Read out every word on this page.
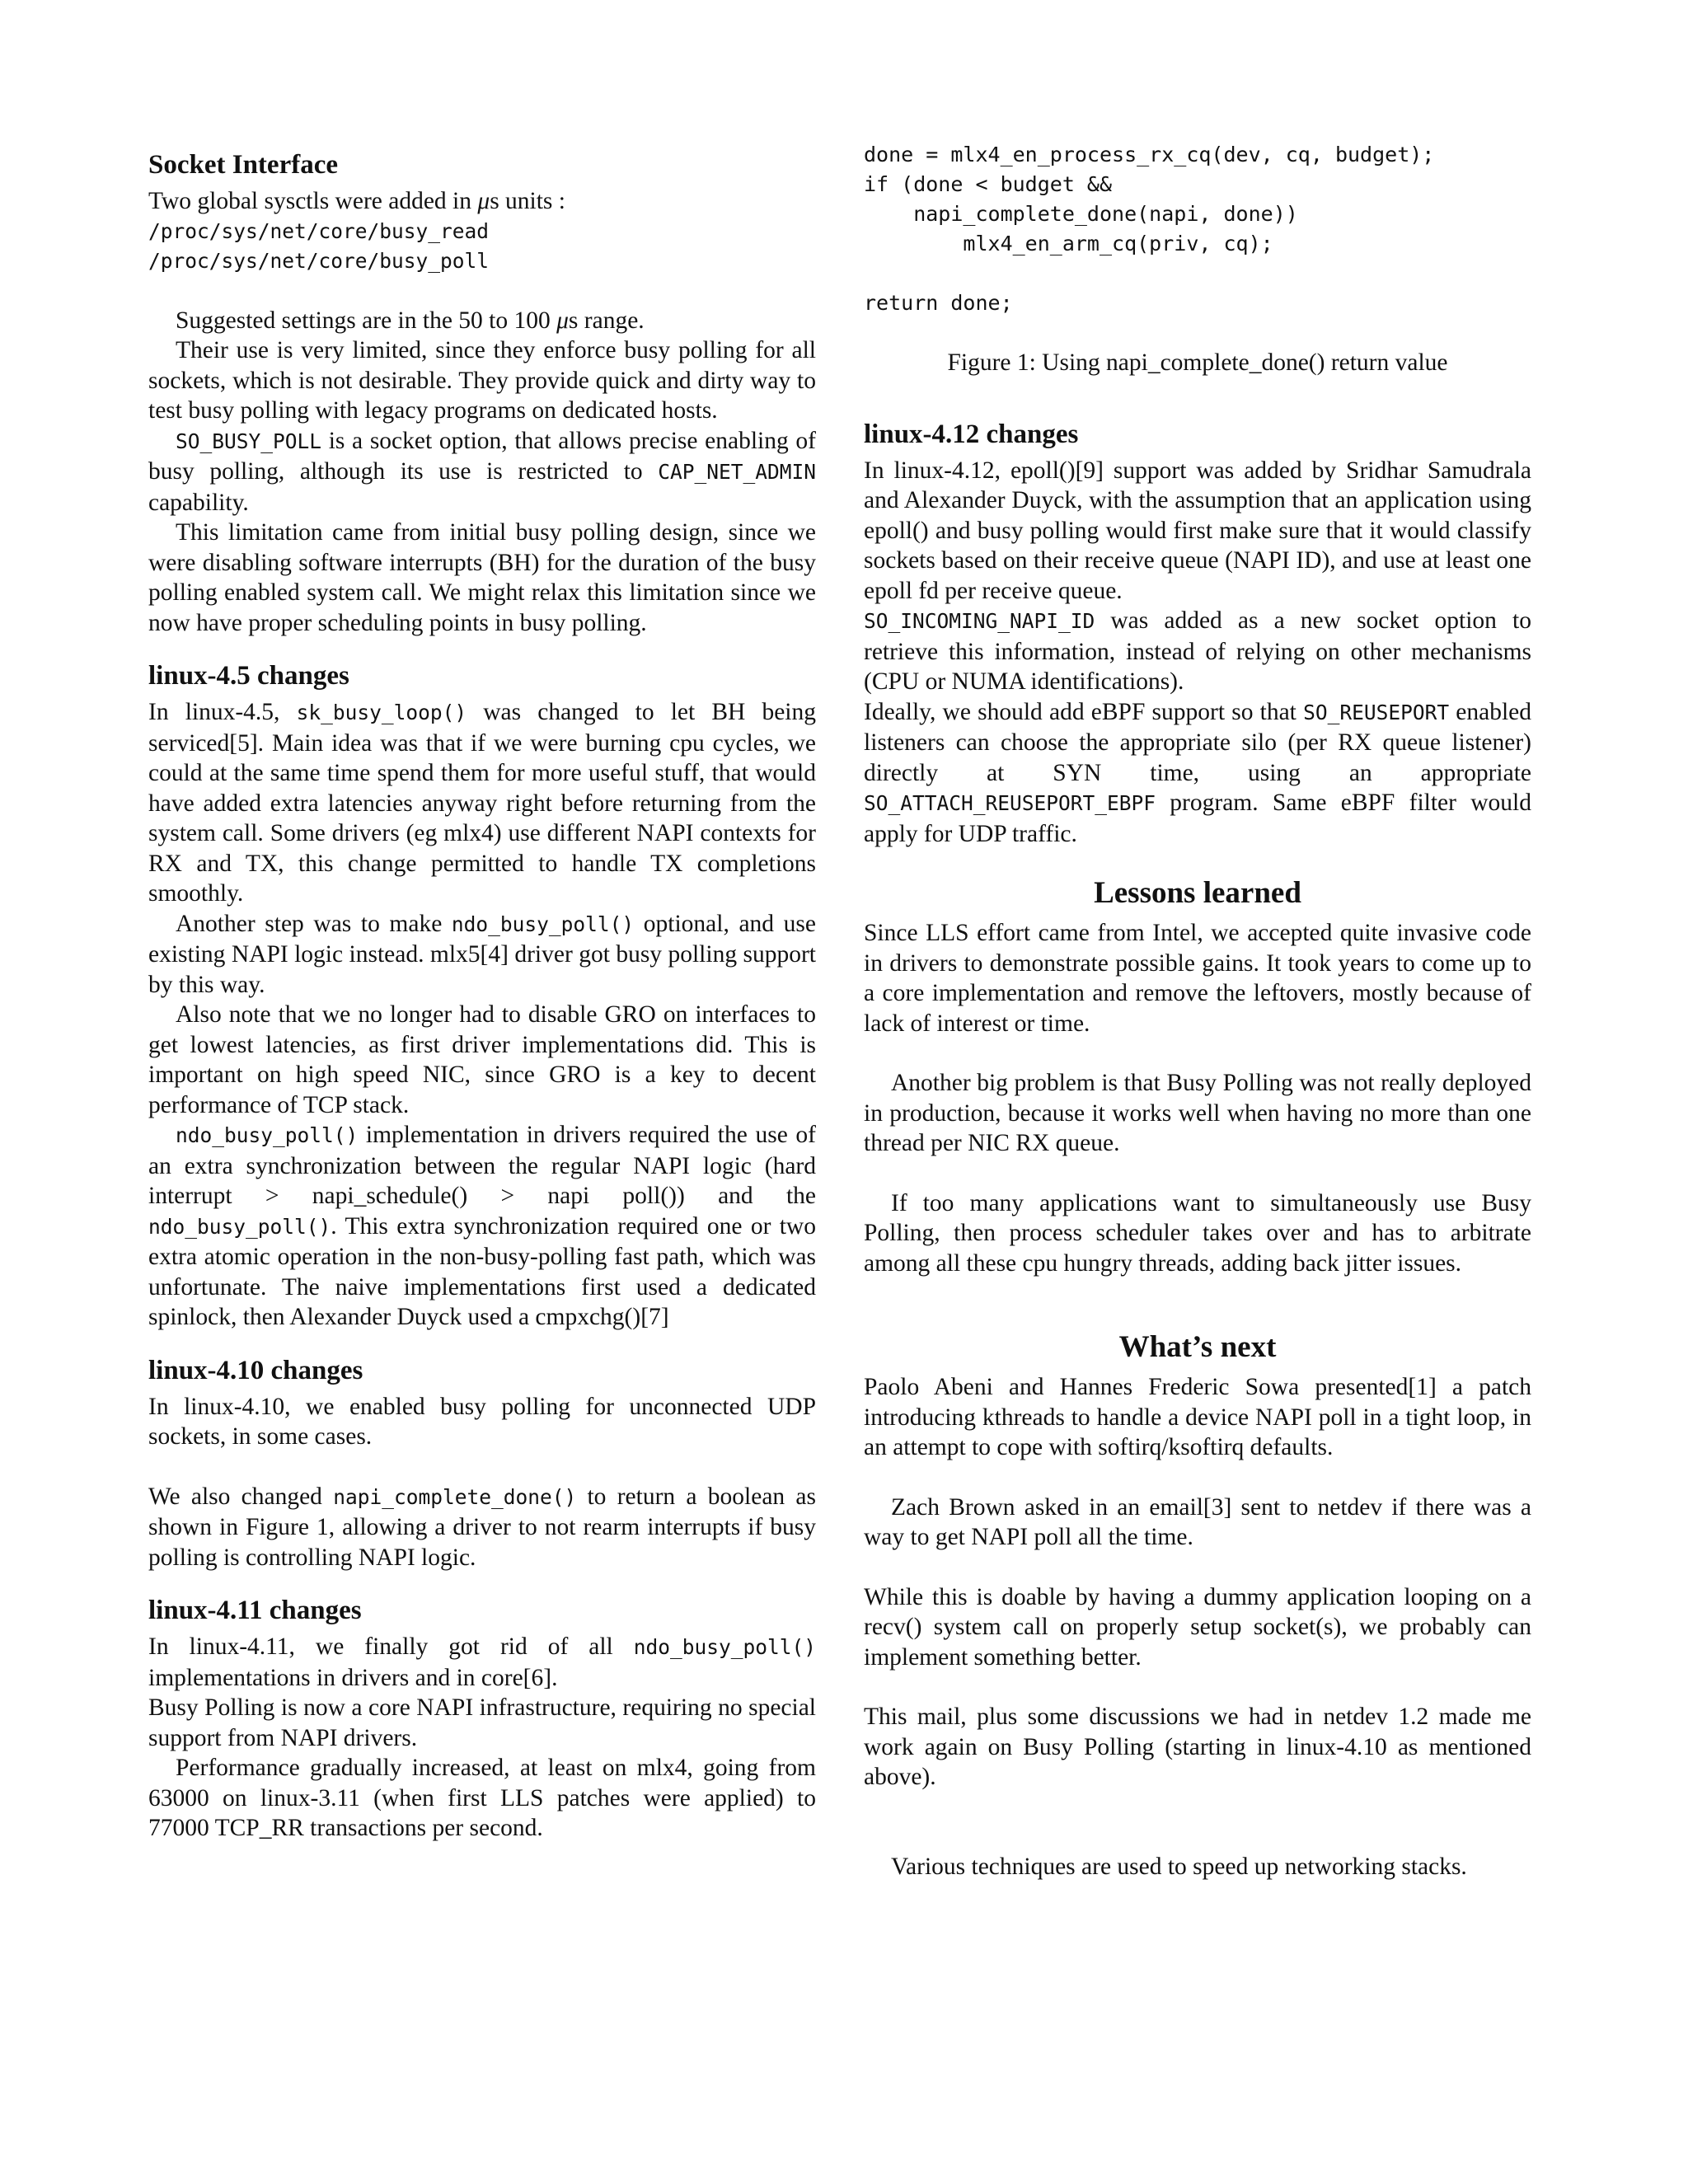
Socket Interface

Two global sysctls were added in μs units :

/proc/sys/net/core/busy_read
/proc/sys/net/core/busy_poll

Suggested settings are in the 50 to 100 μs range.

Their use is very limited, since they enforce busy polling for all sockets, which is not desirable. They provide quick and dirty way to test busy polling with legacy programs on dedicated hosts.

SO_BUSY_POLL is a socket option, that allows precise enabling of busy polling, although its use is restricted to CAP_NET_ADMIN capability.

This limitation came from initial busy polling design, since we were disabling software interrupts (BH) for the duration of the busy polling enabled system call. We might relax this limitation since we now have proper scheduling points in busy polling.

linux-4.5 changes

In linux-4.5, sk_busy_loop() was changed to let BH being serviced[5]. Main idea was that if we were burning cpu cycles, we could at the same time spend them for more useful stuff, that would have added extra latencies anyway right before returning from the system call. Some drivers (eg mlx4) use different NAPI contexts for RX and TX, this change permitted to handle TX completions smoothly.

Another step was to make ndo_busy_poll() optional, and use existing NAPI logic instead. mlx5[4] driver got busy polling support by this way.

Also note that we no longer had to disable GRO on interfaces to get lowest latencies, as first driver implementations did. This is important on high speed NIC, since GRO is a key to decent performance of TCP stack.

ndo_busy_poll() implementation in drivers required the use of an extra synchronization between the regular NAPI logic (hard interrupt > napi_schedule() > napi poll()) and the ndo_busy_poll(). This extra synchronization required one or two extra atomic operation in the non-busy-polling fast path, which was unfortunate. The naive implementations first used a dedicated spinlock, then Alexander Duyck used a cmpxchg()[7]

linux-4.10 changes

In linux-4.10, we enabled busy polling for unconnected UDP sockets, in some cases.

We also changed napi_complete_done() to return a boolean as shown in Figure 1, allowing a driver to not rearm interrupts if busy polling is controlling NAPI logic.

linux-4.11 changes

In linux-4.11, we finally got rid of all ndo_busy_poll() implementations in drivers and in core[6].

Busy Polling is now a core NAPI infrastructure, requiring no special support from NAPI drivers.

Performance gradually increased, at least on mlx4, going from 63000 on linux-3.11 (when first LLS patches were applied) to 77000 TCP_RR transactions per second.

done = mlx4_en_process_rx_cq(dev, cq, budget);
if (done < budget &&
napi_complete_done(napi, done))
mlx4_en_arm_cq(priv, cq);
return done;

Figure 1: Using napi_complete_done() return value

linux-4.12 changes

In linux-4.12, epoll()[9] support was added by Sridhar Samudrala and Alexander Duyck, with the assumption that an application using epoll() and busy polling would first make sure that it would classify sockets based on their receive queue (NAPI ID), and use at least one epoll fd per receive queue.

SO_INCOMING_NAPI_ID was added as a new socket option to retrieve this information, instead of relying on other mechanisms (CPU or NUMA identifications).

Ideally, we should add eBPF support so that SO_REUSEPORT enabled listeners can choose the appropriate silo (per RX queue listener) directly at SYN time, using an appropriate SO_ATTACH_REUSEPORT_EBPF program. Same eBPF filter would apply for UDP traffic.

Lessons learned

Since LLS effort came from Intel, we accepted quite invasive code in drivers to demonstrate possible gains. It took years to come up to a core implementation and remove the leftovers, mostly because of lack of interest or time.

Another big problem is that Busy Polling was not really deployed in production, because it works well when having no more than one thread per NIC RX queue.

If too many applications want to simultaneously use Busy Polling, then process scheduler takes over and has to arbitrate among all these cpu hungry threads, adding back jitter issues.

What’s next

Paolo Abeni and Hannes Frederic Sowa presented[1] a patch introducing kthreads to handle a device NAPI poll in a tight loop, in an attempt to cope with softirq/ksoftirq defaults.

Zach Brown asked in an email[3] sent to netdev if there was a way to get NAPI poll all the time.

While this is doable by having a dummy application looping on a recv() system call on properly setup socket(s), we probably can implement something better.

This mail, plus some discussions we had in netdev 1.2 made me work again on Busy Polling (starting in linux-4.10 as mentioned above).

Various techniques are used to speed up networking stacks.
